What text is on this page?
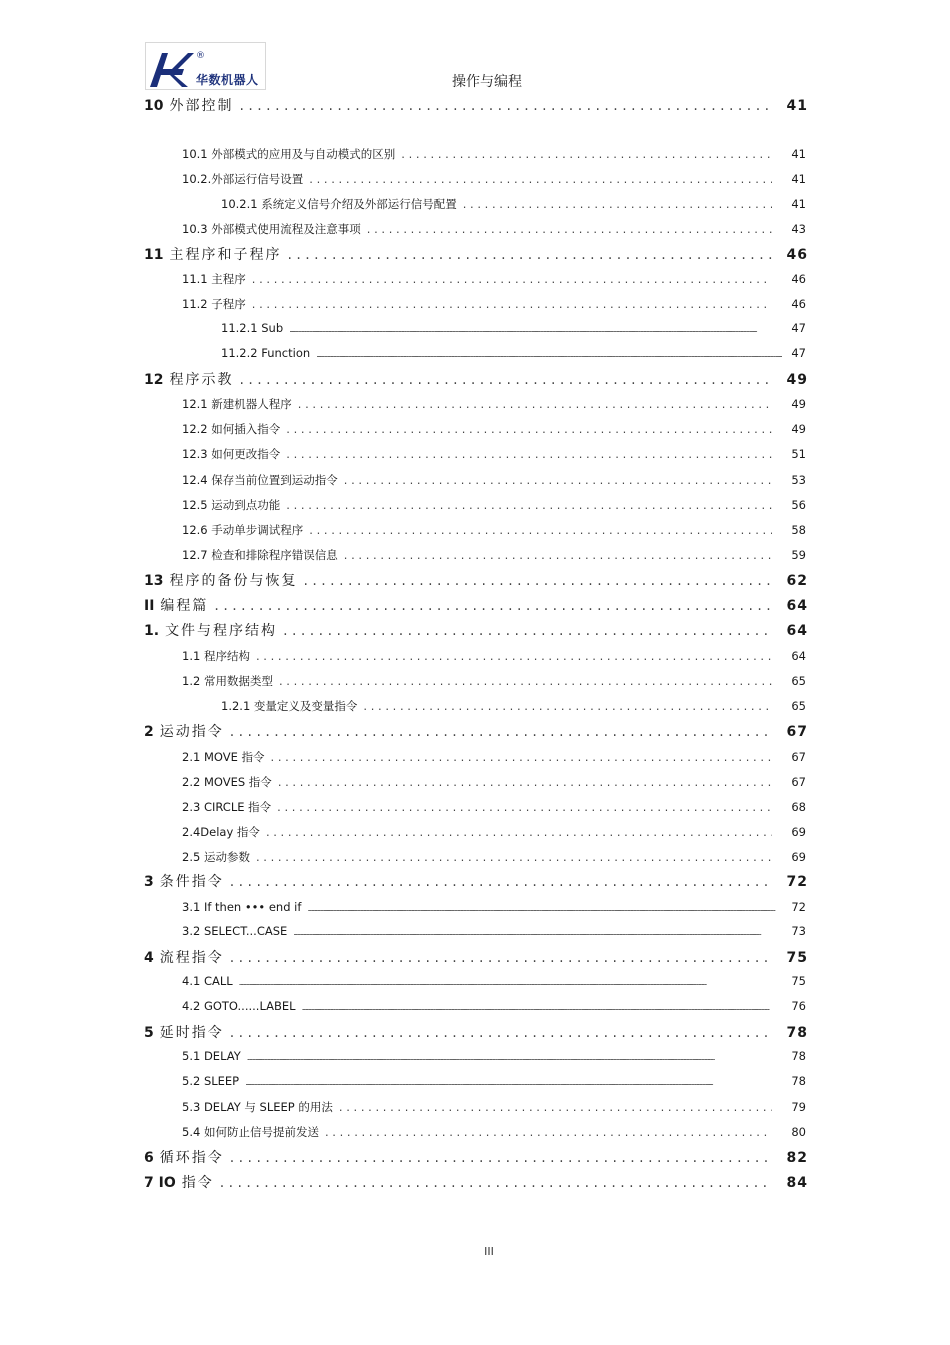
®
华数机器人	操作与编程
10 外部控制 . . .	41
10.1 外部模式的应用及与自动模式的区别 . . .	41
10.2.外部运行信号设置 . . .	41
10.2.1 系统定义信号介绍及外部运行信号配置 . . .	41
10.3 外部模式使用流程及注意事项 . . .	43
11 主程序和子程序 . . .	46
11.1 主程序 . . .	46
11.2 子程序 . . .	46
11.2.1 Sub .....	47
11.2.2 Function .....	47
12 程序示教 . . .	49
12.1 新建机器人程序 . . .	49
12.2 如何插入指令 . . .	49
12.3 如何更改指令 . . .	51
12.4 保存当前位置到运动指令 . . .	53
12.5 运动到点功能 . . .	56
12.6 手动单步调试程序 . . .	58
12.7 检查和排除程序错误信息 . . .	59
13 程序的备份与恢复 . . .	62
II 编程篇 . . .	64
1. 文件与程序结构 . . .	64
1.1 程序结构 . . .	64
1.2 常用数据类型 . . .	65
1.2.1 变量定义及变量指令 . . .	65
2 运动指令 . . .	67
2.1 MOVE 指令 . . .	67
2.2 MOVES 指令 . . .	67
2.3 CIRCLE 指令 . . .	68
2.4Delay 指令 . . .	69
2.5 运动参数 . . .	69
3 条件指令 . . .	72
3.1 If then ••• end if .....	72
3.2 SELECT...CASE .....	73
4 流程指令 . . .	75
4.1 CALL .....	75
4.2 GOTO......LABEL .....	76
5 延时指令 . . .	78
5.1 DELAY .....	78
5.2 SLEEP .....	78
5.3 DELAY 与 SLEEP 的用法 . . .	79
5.4 如何防止信号提前发送 . . .	80
6 循环指令 . . .	82
7 IO 指令 . . .	84
III
